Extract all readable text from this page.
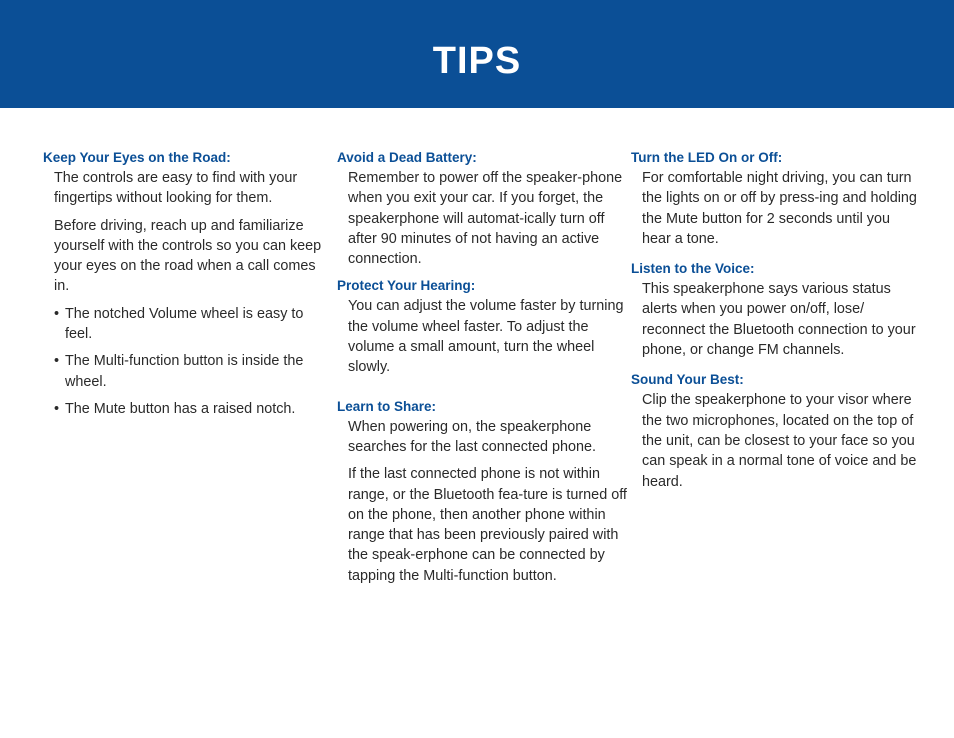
TIPS

Keep Your Eyes on the Road:

The controls are easy to find with your fingertips without looking for them.

Before driving, reach up and familiarize yourself with the controls so you can keep your eyes on the road when a call comes in.

• The notched Volume wheel is easy to feel.
• The Multi-function button is inside the wheel.
• The Mute button has a raised notch.

Avoid a Dead Battery:

Remember to power off the speaker-phone when you exit your car. If you forget, the speakerphone will automat-ically turn off after 90 minutes of not having an active connection.

Protect Your Hearing:

You can adjust the volume faster by turning the volume wheel faster. To adjust the volume a small amount, turn the wheel slowly.

Learn to Share:

When powering on, the speakerphone searches for the last connected phone.

If the last connected phone is not within range, or the Bluetooth fea-ture is turned off on the phone, then another phone within range that has been previously paired with the speak-erphone can be connected by tapping the Multi-function button.

Turn the LED On or Off:

For comfortable night driving, you can turn the lights on or off by press-ing and holding the Mute button for 2 seconds until you hear a tone.

Listen to the Voice:

This speakerphone says various status alerts when you power on/off, lose/ reconnect the Bluetooth connection to your phone, or change FM channels.

Sound Your Best:

Clip the speakerphone to your visor where the two microphones, located on the top of the unit, can be closest to your face so you can speak in a normal tone of voice and be heard.
